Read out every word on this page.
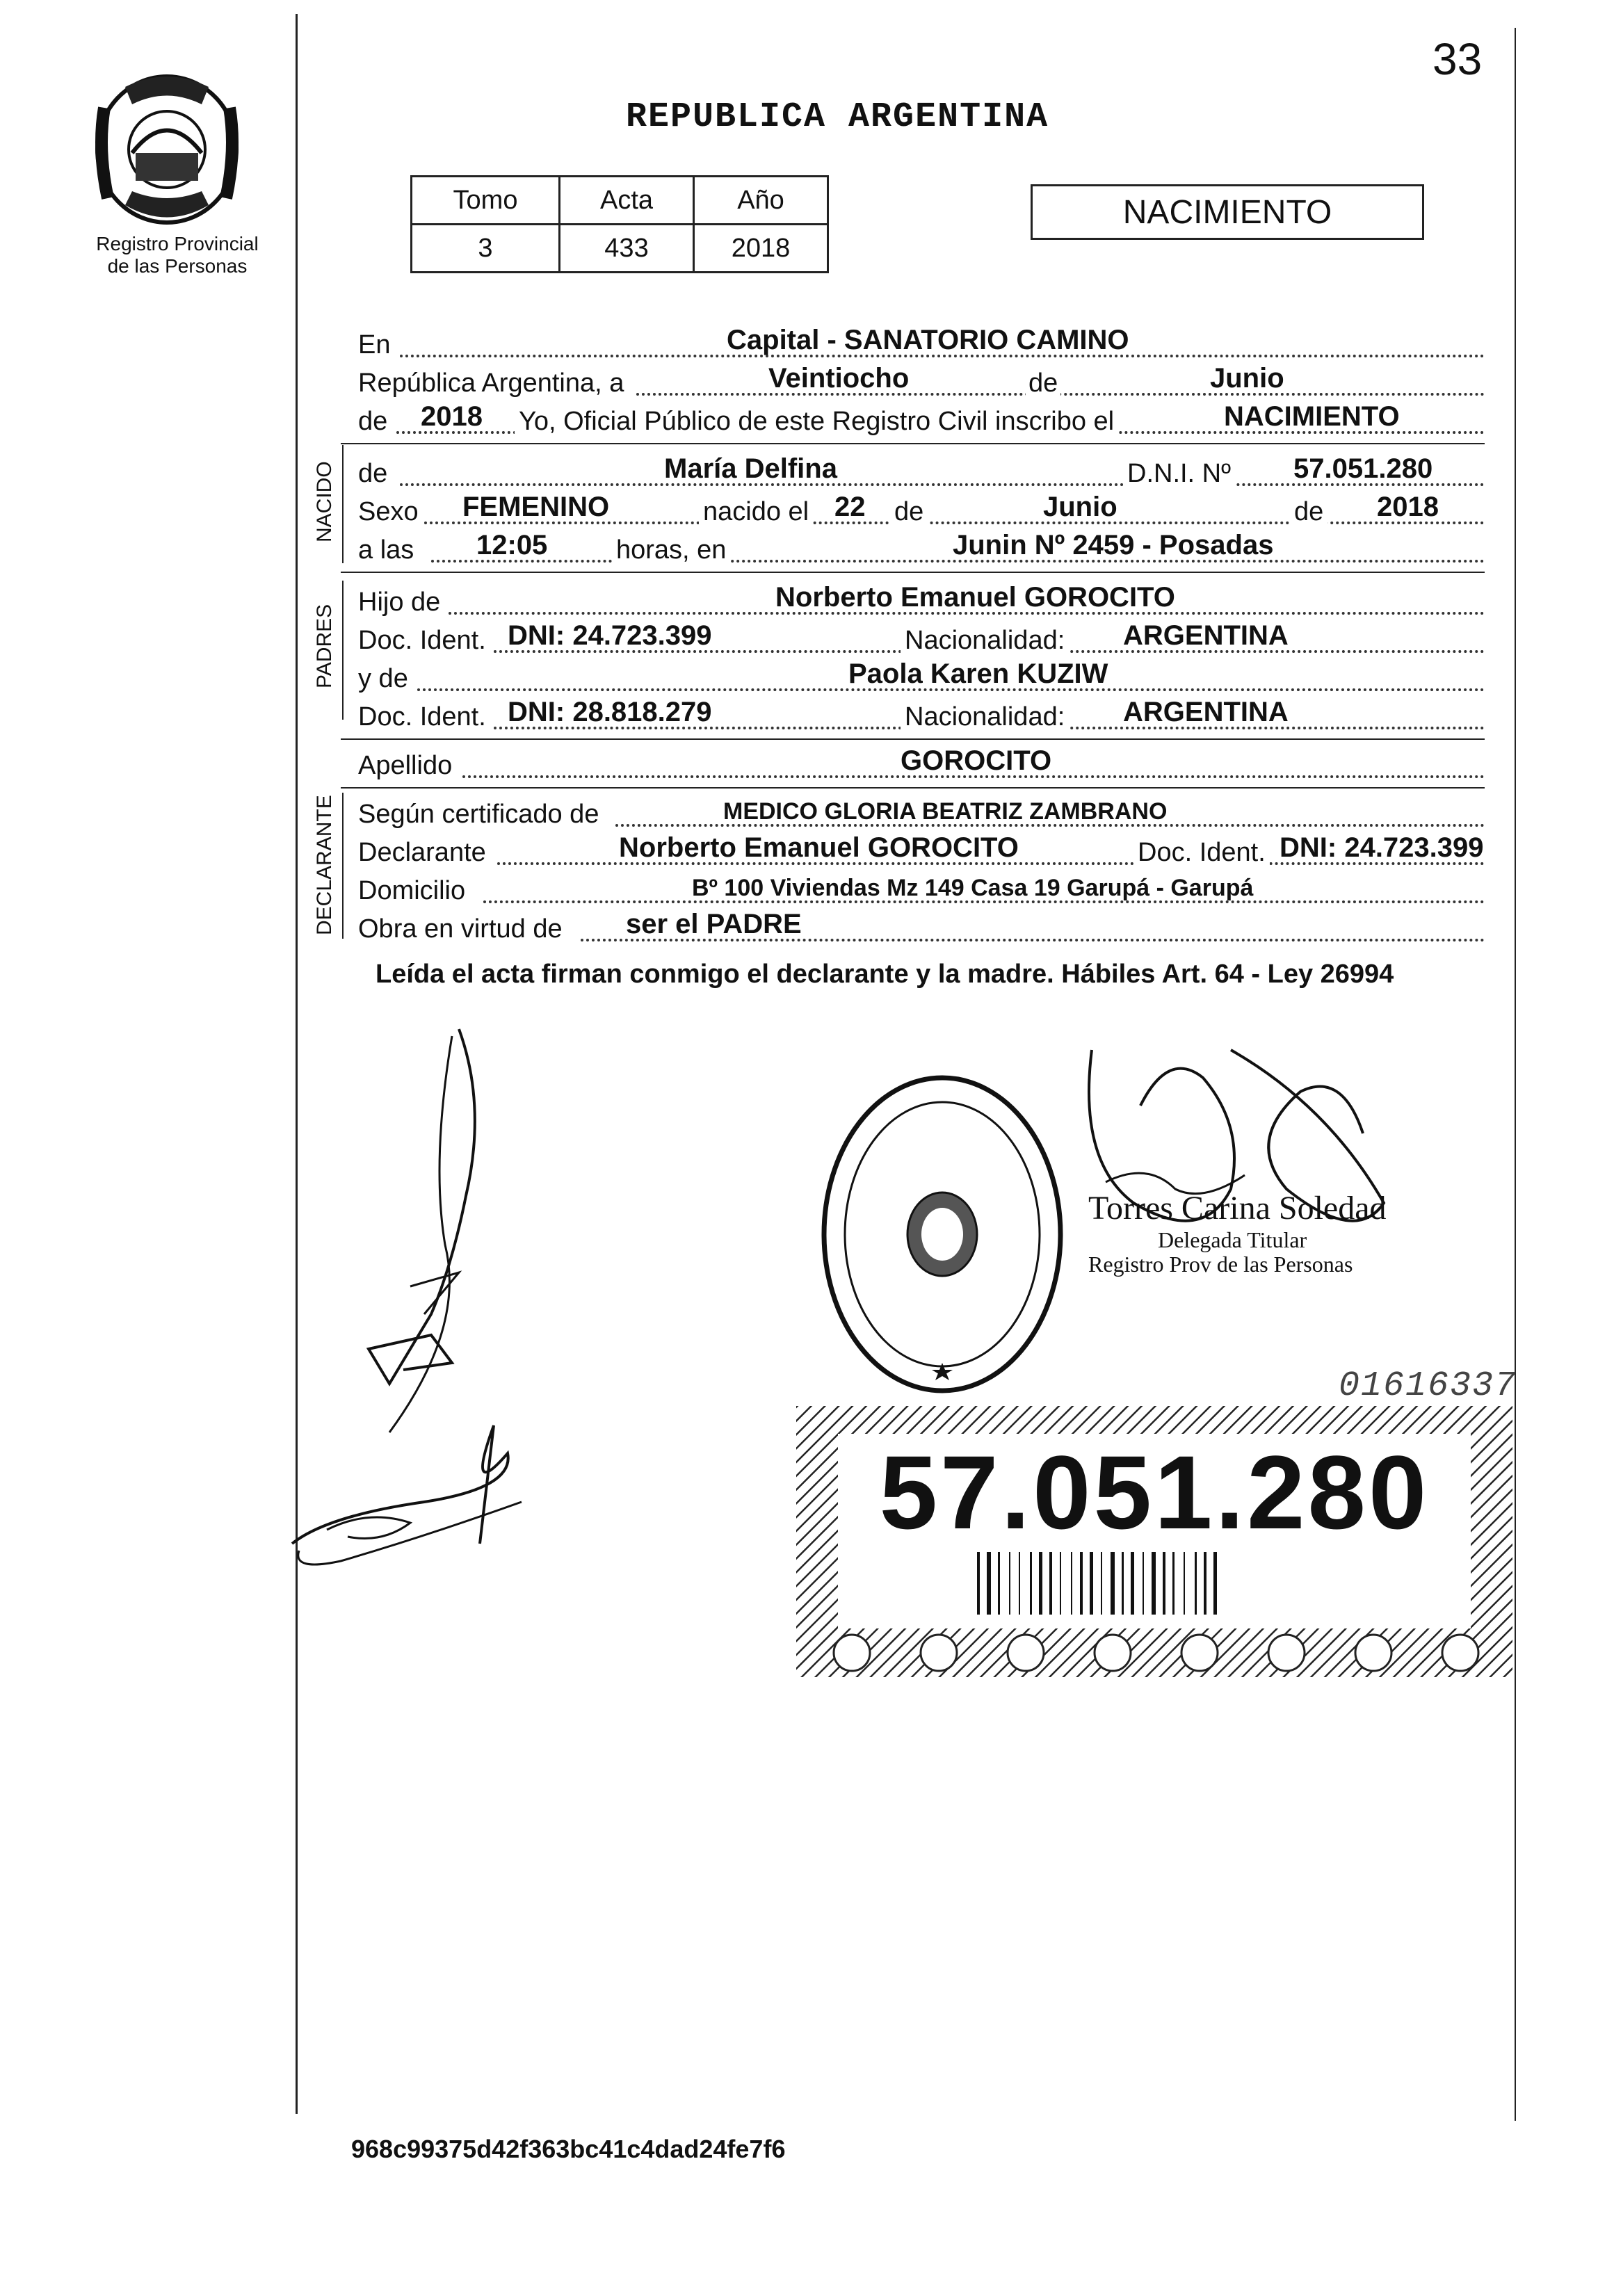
Registro Provincial
de las Personas
33
REPUBLICA ARGENTINA
Tomo	Acta	Año
3	433	2018
NACIMIENTO
En	Capital - SANATORIO CAMINO
República Argentina, a	Veintiocho	de	Junio
de 2018 Yo, Oficial Público de este Registro Civil inscribo el	NACIMIENTO
NACIDO de	María Delfina	D.N.I. Nº 57.051.280
Sexo FEMENINO	nacido el 22 de	Junio	de 2018
a las 12:05	horas, en	Junin Nº 2459 - Posadas
PADRES
Hijo de	Norberto Emanuel GOROCITO
Doc. Ident. DNI: 24.723.399	Nacionalidad: ARGENTINA
y de	Paola Karen KUZIW
Doc. Ident. DNI: 28.818.279	Nacionalidad: ARGENTINA
Apellido	GOROCITO
DECLARANTE Según certificado de	MEDICO GLORIA BEATRIZ ZAMBRANO
Declarante	Norberto Emanuel GOROCITO	Doc. Ident. DNI: 24.723.399
Domicilio	Bº 100 Viviendas Mz 149 Casa 19 Garupá - Garupá
Obra en virtud de ser el PADRE
Leída el acta firman conmigo el declarante y la madre. Hábiles Art. 64 - Ley 26994
Torres Carina Soledad
Delegada Titular
Registro Prov de las Personas
01616337
57.051.280
968c99375d42f363bc41c4dad24fe7f6
